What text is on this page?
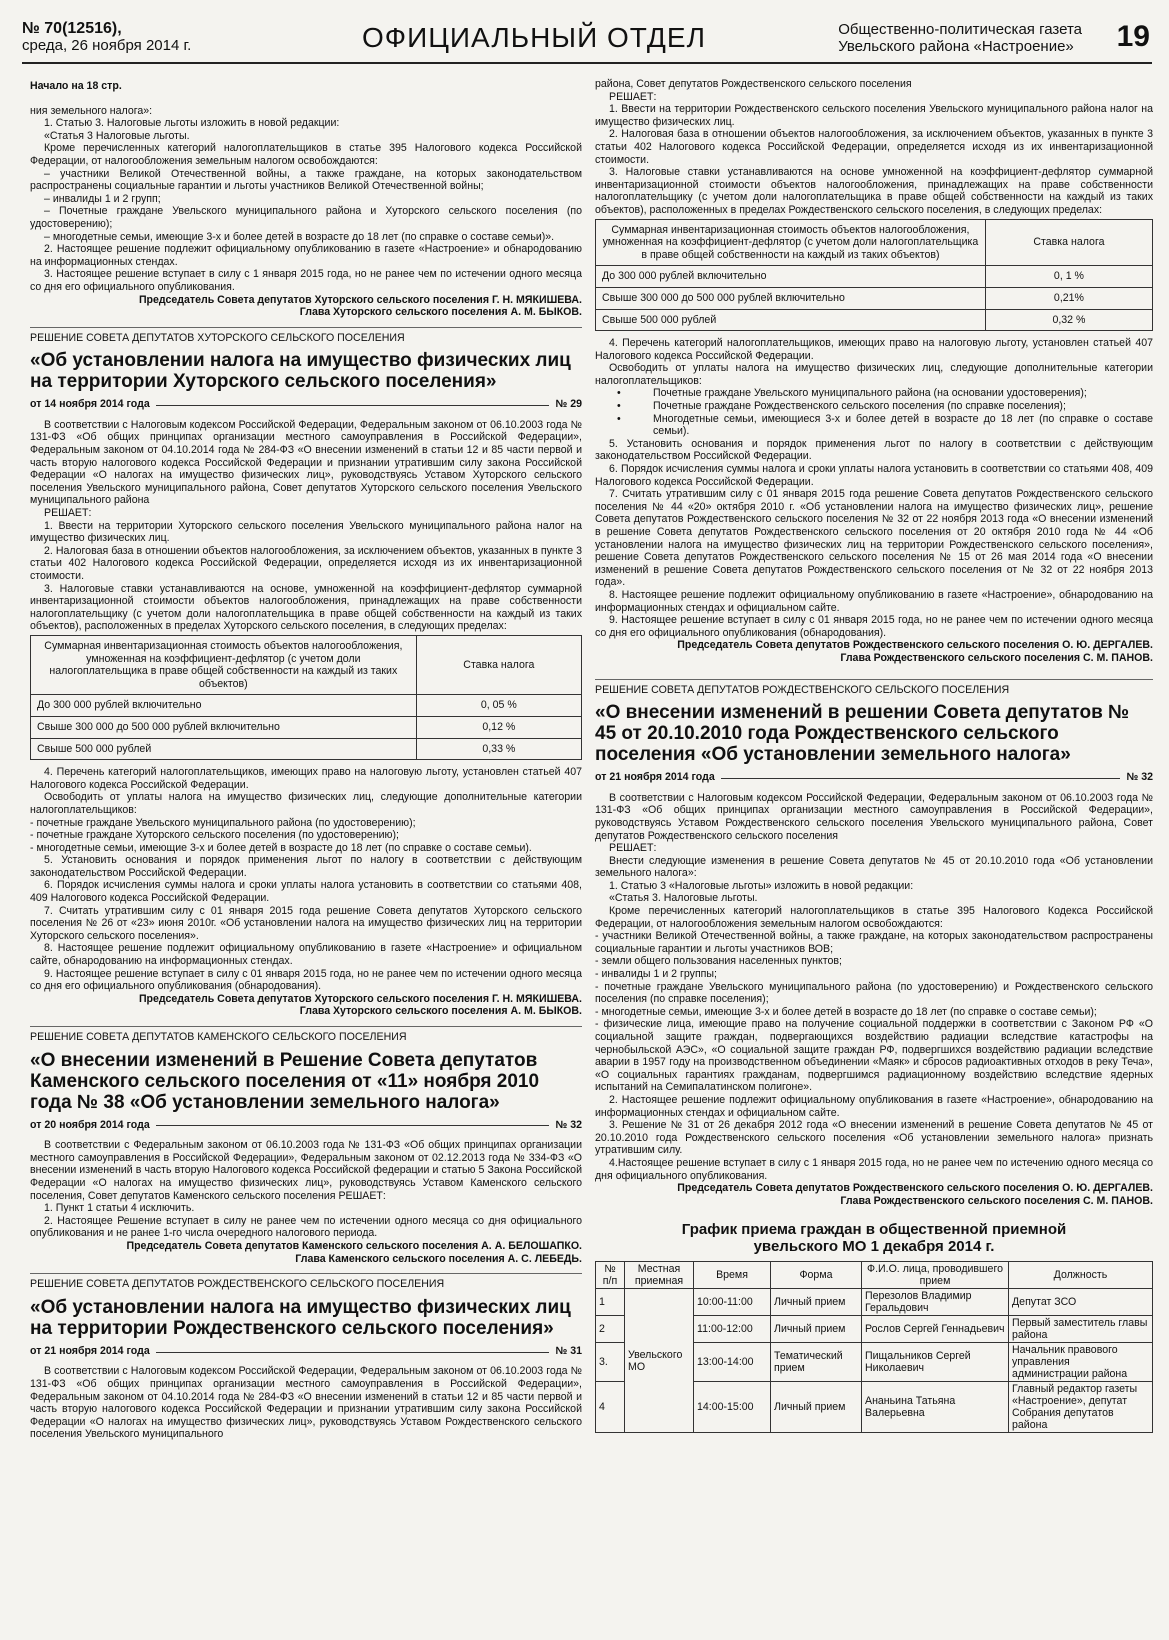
№ 70(12516),
среда, 26 ноября 2014 г.	ОФИЦИАЛЬНЫЙ ОТДЕЛ	Общественно-политическая газета
Увельского района «Настроение» 19

Начало на 18 стр.

ния земельного налога»:

1. Статью 3. Налоговые льготы изложить в новой редакции:

«Статья 3 Налоговые льготы.

Кроме перечисленных категорий налогоплательщиков в статье 395 Налогового кодекса Российской Федерации, от налогообложения земельным налогом освобождаются:

– участники Великой Отечественной войны, а также граждане, на которых законодательством распространены социальные гарантии и льготы участников Великой Отечественной войны;

– инвалиды 1 и 2 групп;

– Почетные граждане Увельского муниципального района и Хуторского сельского поселения (по удостоверению);

– многодетные семьи, имеющие 3-х и более детей в возрасте до 18 лет (по справке о составе семьи)».

2. Настоящее решение подлежит официальному опубликованию в газете «Настроение» и обнародованию на информационных стендах.

3. Настоящее решение вступает в силу с 1 января 2015 года, но не ранее чем по истечении одного месяца со дня его официального опубликования.

Председатель Совета депутатов Хуторского сельского поселения Г. Н. МЯКИШЕВА.

Глава Хуторского сельского поселения А. М. БЫКОВ.

РЕШЕНИЕ СОВЕТА ДЕПУТАТОВ ХУТОРСКОГО СЕЛЬСКОГО ПОСЕЛЕНИЯ
«Об установлении налога на имущество физических лиц на территории Хуторского сельского поселения»
от 14 ноября 2014 года	№ 29

В соответствии с Налоговым кодексом Российской Федерации, Федеральным законом от 06.10.2003 года № 131-ФЗ «Об общих принципах организации местного самоуправления в Российской Федерации», Федеральным законом от 04.10.2014 года № 284-ФЗ «О внесении изменений в статьи 12 и 85 части первой и часть вторую налогового кодекса Российской Федерации и признании утратившим силу закона Российской Федерации «О налогах на имущество физических лиц», руководствуясь Уставом Хуторского сельского поселения Увельского муниципального района, Совет депутатов Хуторского сельского поселения Увельского муниципального района

РЕШАЕТ:

1. Ввести на территории Хуторского сельского поселения Увельского муниципального района налог на имущество физических лиц.

2. Налоговая база в отношении объектов налогообложения, за исключением объектов, указанных в пункте 3 статьи 402 Налогового кодекса Российской Федерации, определяется исходя из их инвентаризационной стоимости.

3. Налоговые ставки устанавливаются на основе, умноженной на коэффициент-дефлятор суммарной инвентаризационной стоимости объектов налогообложения, принадлежащих на праве собственности налогоплательщику (с учетом доли налогоплательщика в праве общей собственности на каждый из таких объектов), расположенных в пределах Хуторского сельского поселения, в следующих пределах:

Суммарная инвентаризационная стоимость объектов налогообложения, умноженная на коэффициент-дефлятор (с учетом доли налогоплательщика в праве общей собственности на каждый из таких объектов)	Ставка налога
До 300 000 рублей включительно	0, 05 %
Свыше 300 000 до 500 000 рублей включительно	0,12 %
Свыше 500 000 рублей	0,33 %

4. Перечень категорий налогоплательщиков, имеющих право на налоговую льготу, установлен статьей 407 Налогового кодекса Российской Федерации.

Освободить от уплаты налога на имущество физических лиц, следующие дополнительные категории налогоплательщиков:

- почетные граждане Увельского муниципального района (по удостоверению);

- почетные граждане Хуторского сельского поселения (по удостоверению);

- многодетные семьи, имеющие 3-х и более детей в возрасте до 18 лет (по справке о составе семьи).

5. Установить основания и порядок применения льгот по налогу в соответствии с действующим законодательством Российской Федерации.

6. Порядок исчисления суммы налога и сроки уплаты налога установить в соответствии со статьями 408, 409 Налогового кодекса Российской Федерации.

7. Считать утратившим силу с 01 января 2015 года решение Совета депутатов Хуторского сельского поселения № 26 от «23» июня 2010г. «Об установлении налога на имущество физических лиц на территории Хуторского сельского поселения».

8. Настоящее решение подлежит официальному опубликованию в газете «Настроение» и официальном сайте, обнародованию на информационных стендах.

9. Настоящее решение вступает в силу с 01 января 2015 года, но не ранее чем по истечении одного месяца со дня его официального опубликования (обнародования).

Председатель Совета депутатов Хуторского сельского поселения Г. Н. МЯКИШЕВА.

Глава Хуторского сельского поселения А. М. БЫКОВ.

РЕШЕНИЕ СОВЕТА ДЕПУТАТОВ КАМЕНСКОГО СЕЛЬСКОГО ПОСЕЛЕНИЯ
«О внесении изменений в Решение Совета депутатов Каменского сельского поселения от «11» ноября 2010 года № 38 «Об установлении земельного налога»
от 20 ноября 2014 года	№ 32

В соответствии с Федеральным законом от 06.10.2003 года № 131-ФЗ «Об общих принципах организации местного самоуправления в Российской Федерации», Федеральным законом от 02.12.2013 года № 334-ФЗ «О внесении изменений в часть вторую Налогового кодекса Российской федерации и статью 5 Закона Российской Федерации «О налогах на имущество физических лиц», руководствуясь Уставом Каменского сельского поселения, Совет депутатов Каменского сельского поселения РЕШАЕТ:

1. Пункт 1 статьи 4 исключить.

2. Настоящее Решение вступает в силу не ранее чем по истечении одного месяца со дня официального опубликования и не ранее 1-го числа очередного налогового периода.

Председатель Совета депутатов Каменского сельского поселения А. А. БЕЛОШАПКО.

Глава Каменского сельского поселения А. С. ЛЕБЕДЬ.

РЕШЕНИЕ СОВЕТА ДЕПУТАТОВ РОЖДЕСТВЕНСКОГО СЕЛЬСКОГО ПОСЕЛЕНИЯ
«Об установлении налога на имущество физических лиц на территории Рождественского сельского поселения»
от 21 ноября 2014 года	№ 31

В соответствии с Налоговым кодексом Российской Федерации, Федеральным законом от 06.10.2003 года № 131-ФЗ «Об общих принципах организации местного самоуправления в Российской Федерации», Федеральным законом от 04.10.2014 года № 284-ФЗ «О внесении изменений в статьи 12 и 85 части первой и часть вторую налогового кодекса Российской Федерации и признании утратившим силу закона Российской Федерации «О налогах на имущество физических лиц», руководствуясь Уставом Рождественского сельского поселения Увельского муниципального

района, Совет депутатов Рождественского сельского поселения

РЕШАЕТ:

1. Ввести на территории Рождественского сельского поселения Увельского муниципального района налог на имущество физических лиц.

2. Налоговая база в отношении объектов налогообложения, за исключением объектов, указанных в пункте 3 статьи 402 Налогового кодекса Российской Федерации, определяется исходя из их инвентаризационной стоимости.

3. Налоговые ставки устанавливаются на основе умноженной на коэффициент-дефлятор суммарной инвентаризационной стоимости объектов налогообложения, принадлежащих на праве собственности налогоплательщику (с учетом доли налогоплательщика в праве общей собственности на каждый из таких объектов), расположенных в пределах Рождественского сельского поселения, в следующих пределах:

Суммарная инвентаризационная стоимость объектов налогообложения, умноженная на коэффициент-дефлятор (с учетом доли налогоплательщика в праве общей собственности на каждый из таких объектов)	Ставка налога
До 300 000 рублей включительно	0, 1 %
Свыше 300 000 до 500 000 рублей включительно	0,21%
Свыше 500 000 рублей	0,32 %

4. Перечень категорий налогоплательщиков, имеющих право на налоговую льготу, установлен статьей 407 Налогового кодекса Российской Федерации.

Освободить от уплаты налога на имущество физических лиц, следующие дополнительные категории налогоплательщиков:

• Почетные граждане Увельского муниципального района (на основании удостоверения);

• Почетные граждане Рождественского сельского поселения (по справке поселения);

• Многодетные семьи, имеющиеся 3-х и более детей в возрасте до 18 лет (по справке о составе семьи).

5. Установить основания и порядок применения льгот по налогу в соответствии с действующим законодательством Российской Федерации.

6. Порядок исчисления суммы налога и сроки уплаты налога установить в соответствии со статьями 408, 409 Налогового кодекса Российской Федерации.

7. Считать утратившим силу с 01 января 2015 года решение Совета депутатов Рождественского сельского поселения № 44 «20» октября 2010 г. «Об установлении налога на имущество физических лиц», решение Совета депутатов Рождественского сельского поселения № 32 от 22 ноября 2013 года «О внесении изменений в решение Совета депутатов Рождественского сельского поселения от 20 октября 2010 года № 44 «Об установлении налога на имущество физических лиц на территории Рождественского сельского поселения», решение Совета депутатов Рождественского сельского поселения № 15 от 26 мая 2014 года «О внесении изменений в решение Совета депутатов Рождественского сельского поселения от № 32 от 22 ноября 2013 года».

8. Настоящее решение подлежит официальному опубликованию в газете «Настроение», обнародованию на информационных стендах и официальном сайте.

9. Настоящее решение вступает в силу с 01 января 2015 года, но не ранее чем по истечении одного месяца со дня его официального опубликования (обнародования).

Председатель Совета депутатов Рождественского сельского поселения О. Ю. ДЕРГАЛЕВ.

Глава Рождественского сельского поселения С. М. ПАНОВ.

РЕШЕНИЕ СОВЕТА ДЕПУТАТОВ РОЖДЕСТВЕНСКОГО СЕЛЬСКОГО ПОСЕЛЕНИЯ
«О внесении изменений в решении Совета депутатов № 45 от 20.10.2010 года Рождественского сельского поселения «Об установлении земельного налога»
от 21 ноября 2014 года	№ 32

В соответствии с Налоговым кодексом Российской Федерации, Федеральным законом от 06.10.2003 года № 131-ФЗ «Об общих принципах организации местного самоуправления в Российской Федерации», руководствуясь Уставом Рождественского сельского поселения Увельского муниципального района, Совет депутатов Рождественского сельского поселения

РЕШАЕТ:

Внести следующие изменения в решение Совета депутатов № 45 от 20.10.2010 года «Об установлении земельного налога»:

1. Статью 3 «Налоговые льготы» изложить в новой редакции:

«Статья 3. Налоговые льготы.

Кроме перечисленных категорий налогоплательщиков в статье 395 Налогового Кодекса Российской Федерации, от налогообложения земельным налогом освобождаются:

- участники Великой Отечественной войны, а также граждане, на которых законодательством распространены социальные гарантии и льготы участников ВОВ;

- земли общего пользования населенных пунктов;

- инвалиды 1 и 2 группы;

- почетные граждане Увельского муниципального района (по удостоверению) и Рождественского сельского поселения (по справке поселения);

- многодетные семьи, имеющие 3-х и более детей в возрасте до 18 лет (по справке о составе семьи);

- физические лица, имеющие право на получение социальной поддержки в соответствии с Законом РФ «О социальной защите граждан, подвергающихся воздействию радиации вследствие катастрофы на чернобыльской АЭС», «О социальной защите граждан РФ, подвергшихся воздействию радиации вследствие аварии в 1957 году на производственном объединении «Маяк» и сбросов радиоактивных отходов в реку Теча», «О социальных гарантиях гражданам, подвергшимся радиационному воздействию вследствие ядерных испытаний на Семипалатинском полигоне».

2. Настоящее решение подлежит официальному опубликования в газете «Настроение», обнародованию на информационных стендах и официальном сайте.

3. Решение № 31 от 26 декабря 2012 года «О внесении изменений в решение Совета депутатов № 45 от 20.10.2010 года Рождественского сельского поселения «Об установлении земельного налога» признать утратившим силу.

4.Настоящее решение вступает в силу с 1 января 2015 года, но не ранее чем по истечению одного месяца со дня официального опубликования.

Председатель Совета депутатов Рождественского сельского поселения О. Ю. ДЕРГАЛЕВ.

Глава Рождественского сельского поселения С. М. ПАНОВ.

График приема граждан в общественной приемной
увельского МО 1 декабря 2014 г.
№ п/п	Местная приемная	Время	Форма	Ф.И.О. лица, проводившего прием	Должность
1	Увельского МО	10:00-11:00	Личный прием	Перезолов Владимир Геральдович	Депутат ЗСО
2		11:00-12:00	Личный прием	Рослов Сергей Геннадьевич	Первый заместитель главы района
3.		13:00-14:00	Тематический прием	Пищальников Сергей Николаевич	Начальник правового управления администрации района
4		14:00-15:00	Личный прием	Ананьина Татьяна Валерьевна	Главный редактор газеты «Настроение», депутат Собрания депутатов района
